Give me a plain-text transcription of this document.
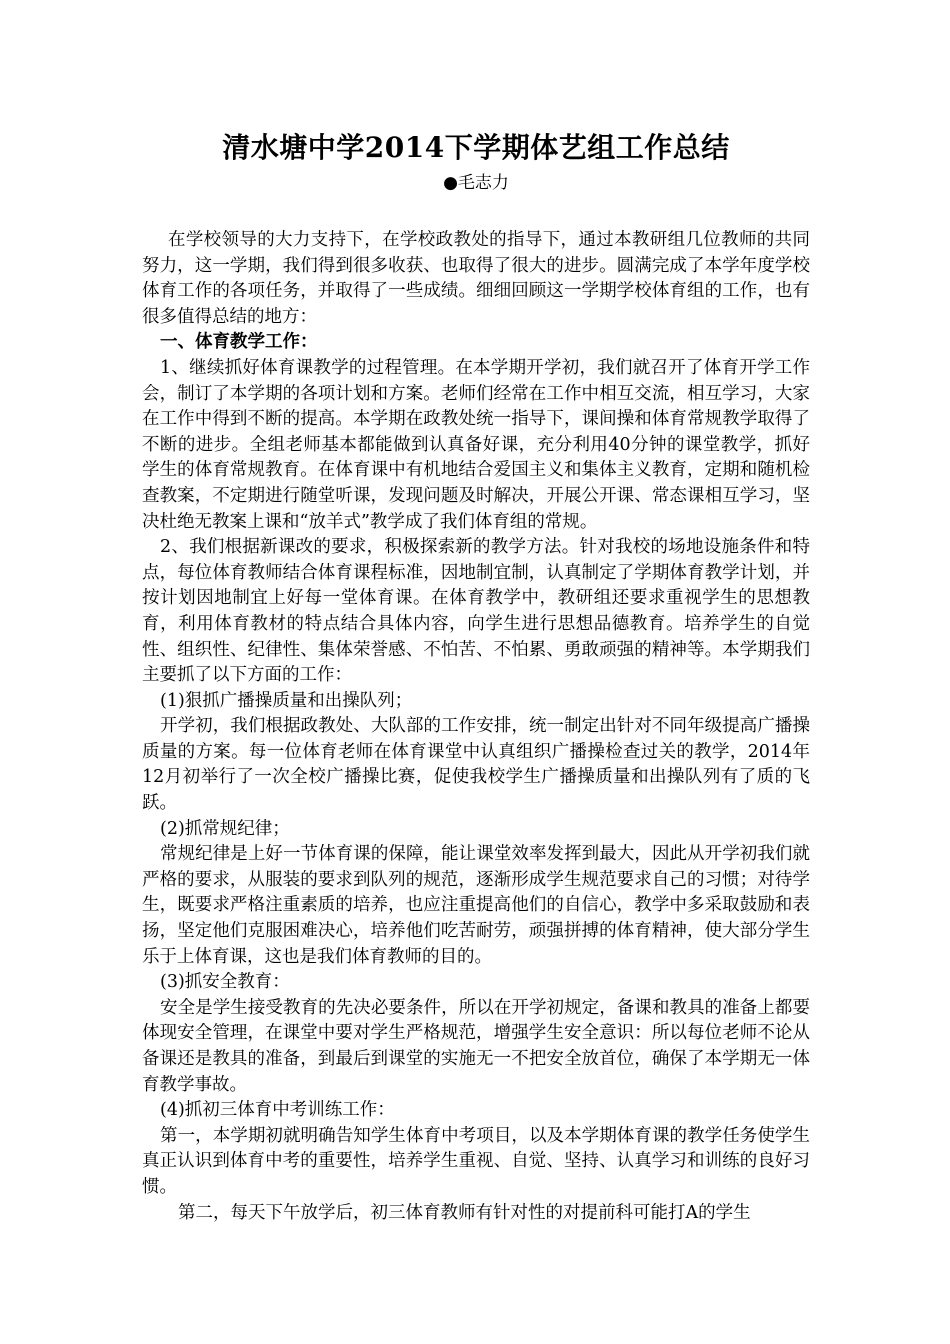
清水塘中学2014下学期体艺组工作总结
●毛志力

在学校领导的大力支持下，在学校政教处的指导下，通过本教研组几位教师的共同努力，这一学期，我们得到很多收获、也取得了很大的进步。圆满完成了本学年度学校体育工作的各项任务，并取得了一些成绩。细细回顾这一学期学校体育组的工作，也有很多值得总结的地方：

一、体育教学工作：

1、继续抓好体育课教学的过程管理。在本学期开学初，我们就召开了体育开学工作会，制订了本学期的各项计划和方案。老师们经常在工作中相互交流，相互学习，大家在工作中得到不断的提高。本学期在政教处统一指导下，课间操和体育常规教学取得了不断的进步。全组老师基本都能做到认真备好课，充分利用40分钟的课堂教学，抓好学生的体育常规教育。在体育课中有机地结合爱国主义和集体主义教育，定期和随机检查教案，不定期进行随堂听课，发现问题及时解决，开展公开课、常态课相互学习，坚决杜绝无教案上课和“放羊式”教学成了我们体育组的常规。

2、我们根据新课改的要求，积极探索新的教学方法。针对我校的场地设施条件和特点，每位体育教师结合体育课程标准，因地制宜制，认真制定了学期体育教学计划，并按计划因地制宜上好每一堂体育课。在体育教学中，教研组还要求重视学生的思想教育，利用体育教材的特点结合具体内容，向学生进行思想品德教育。培养学生的自觉性、组织性、纪律性、集体荣誉感、不怕苦、不怕累、勇敢顽强的精神等。本学期我们主要抓了以下方面的工作：

(1)狠抓广播操质量和出操队列；

开学初，我们根据政教处、大队部的工作安排，统一制定出针对不同年级提高广播操质量的方案。每一位体育老师在体育课堂中认真组织广播操检查过关的教学，2014年12月初举行了一次全校广播操比赛，促使我校学生广播操质量和出操队列有了质的飞跃。

(2)抓常规纪律；

常规纪律是上好一节体育课的保障，能让课堂效率发挥到最大，因此从开学初我们就严格的要求，从服装的要求到队列的规范，逐渐形成学生规范要求自己的习惯；对待学生，既要求严格注重素质的培养，也应注重提高他们的自信心，教学中多采取鼓励和表扬，坚定他们克服困难决心，培养他们吃苦耐劳，顽强拼搏的体育精神，使大部分学生乐于上体育课，这也是我们体育教师的目的。

(3)抓安全教育：

安全是学生接受教育的先决必要条件，所以在开学初规定，备课和教具的准备上都要体现安全管理，在课堂中要对学生严格规范，增强学生安全意识：所以每位老师不论从备课还是教具的准备，到最后到课堂的实施无一不把安全放首位，确保了本学期无一体育教学事故。

(4)抓初三体育中考训练工作：

第一，本学期初就明确告知学生体育中考项目，以及本学期体育课的教学任务使学生真正认识到体育中考的重要性，培养学生重视、自觉、坚持、认真学习和训练的良好习惯。

第二，每天下午放学后，初三体育教师有针对性的对提前科可能打A的学生
